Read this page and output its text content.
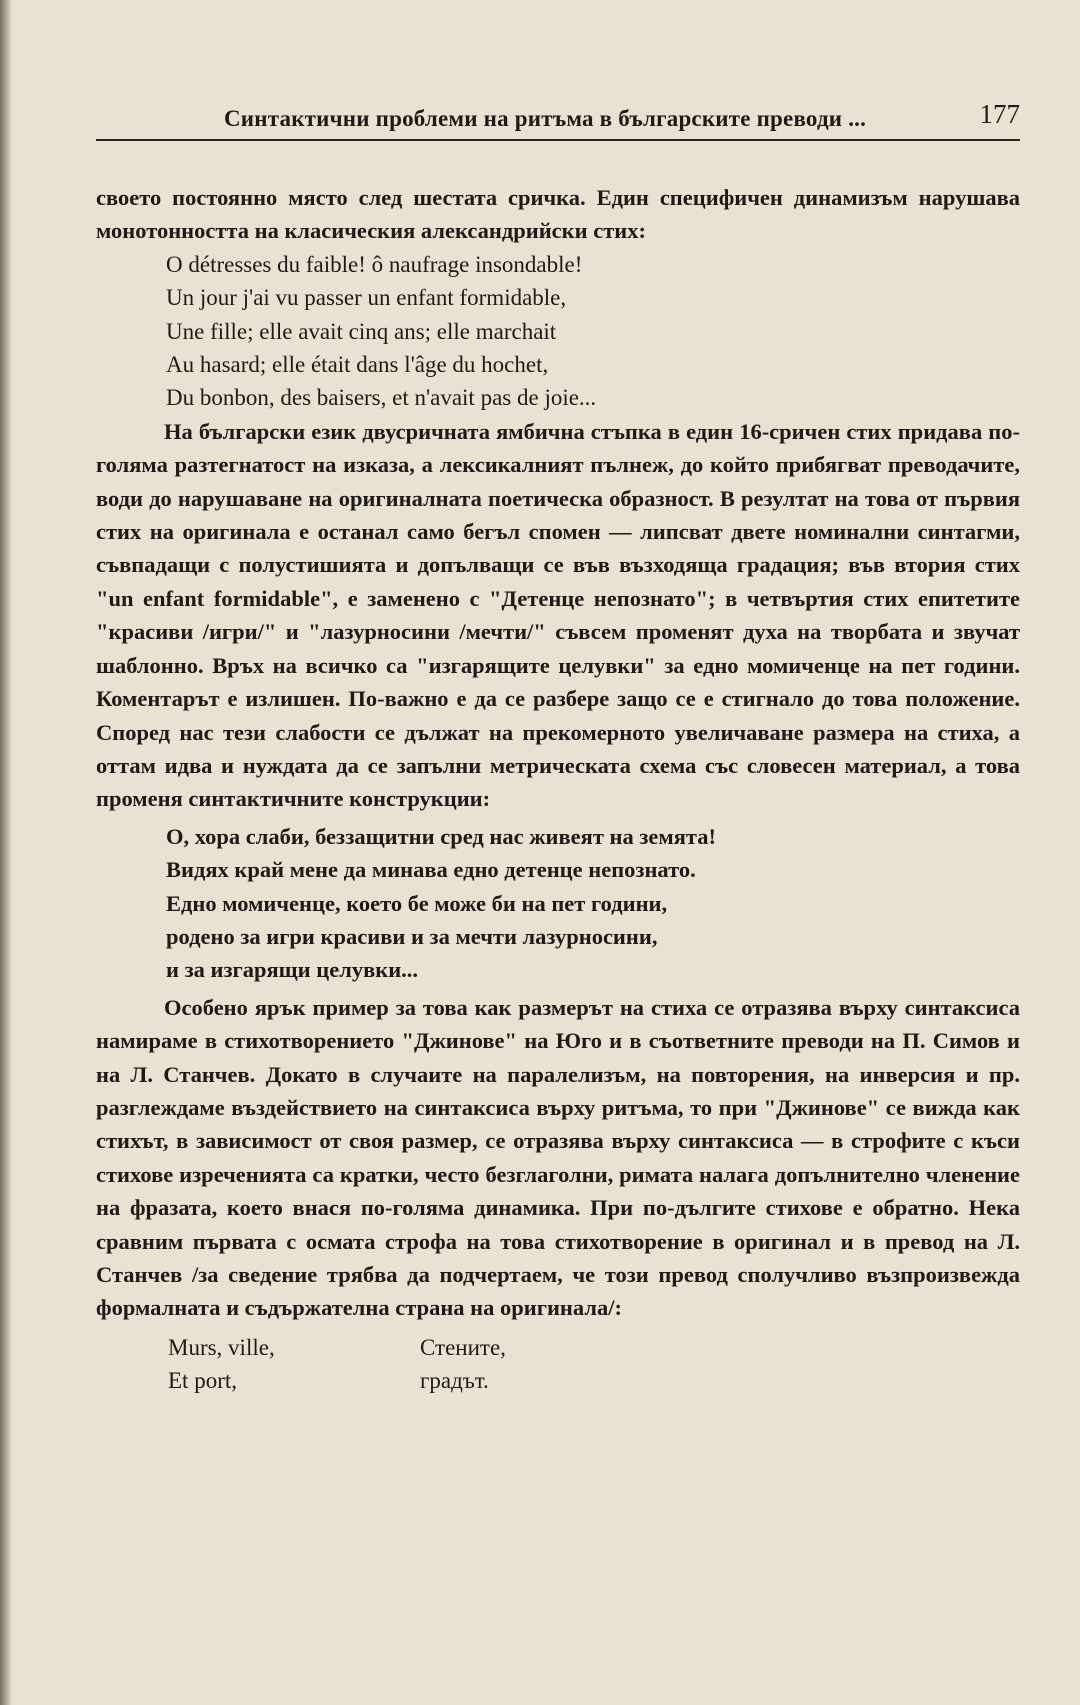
Синтактични проблеми на ритъма в българските преводи ...	177

своето постоянно място след шестата сричка. Един специфичен динамизъм нарушава монотонността на класическия александрийски стих:

O détresses du faible! ô naufrage insondable!
Un jour j'ai vu passer un enfant formidable,
Une fille; elle avait cinq ans; elle marchait
Au hasard; elle était dans l'âge du hochet,
Du bonbon, des baisers, et n'avait pas de joie...

На български език двусричната ямбична стъпка в един 16-сричен стих придава по-голяма разтегнатост на изказа, а лексикалният пълнеж, до който прибягват преводачите, води до нарушаване на оригиналната поетическа образност. В резултат на това от първия стих на оригинала е останал само бегъл спомен — липсват двете номинални синтагми, съвпадащи с полустишията и допълващи се във възходяща градация; във втория стих "un enfant formidable", е заменено с "Детенце непознато"; в четвъртия стих епитетите "красиви /игри/" и "лазурносини /мечти/" съвсем променят духа на творбата и звучат шаблонно. Връх на всичко са "изгарящите целувки" за едно момиченце на пет години. Коментарът е излишен. По-важно е да се разбере защо се е стигнало до това положение. Според нас тези слабости се дължат на прекомерното увеличаване размера на стиха, а оттам идва и нуждата да се запълни метрическата схема със словесен материал, а това променя синтактичните конструкции:

О, хора слаби, беззащитни сред нас живеят на земята!
Видях край мене да минава едно детенце непознато.
Едно момиченце, което бе може би на пет години,
родено за игри красиви и за мечти лазурносини,
и за изгарящи целувки...

Особено ярък пример за това как размерът на стиха се отразява върху синтаксиса намираме в стихотворението "Джинове" на Юго и в съответните преводи на П. Симов и на Л. Станчев. Докато в случаите на паралелизъм, на повторения, на инверсия и пр. разглеждаме въздействието на синтаксиса върху ритъма, то при "Джинове" се вижда как стихът, в зависимост от своя размер, се отразява върху синтаксиса — в строфите с къси стихове изреченията са кратки, често безглаголни, римата налага допълнително членение на фразата, което внася по-голяма динамика. При по-дългите стихове е обратно. Нека сравним първата с осмата строфа на това стихотворение в оригинал и в превод на Л. Станчев /за сведение трябва да подчертаем, че този превод сполучливо възпроизвежда формалната и съдържателна страна на оригинала/:

Murs, ville,	Стените,
Et port,	градът.
